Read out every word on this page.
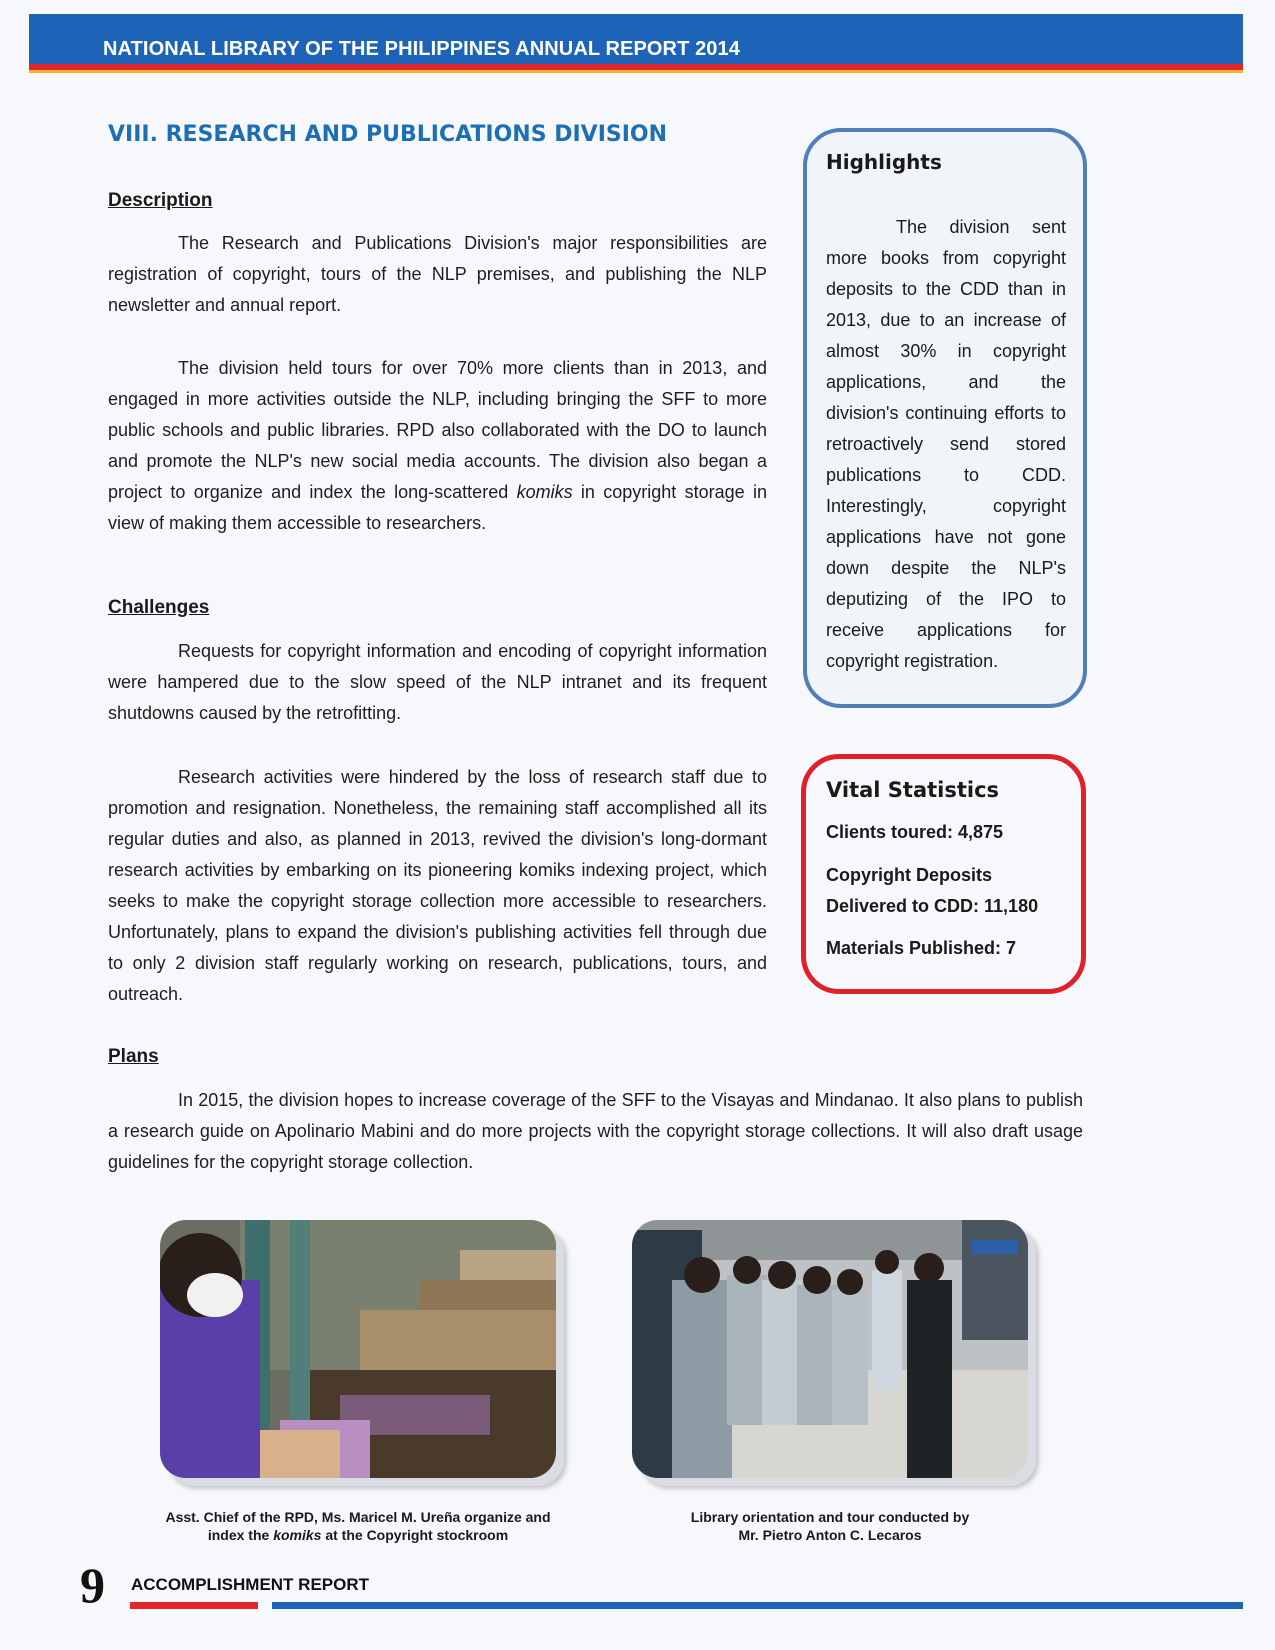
NATIONAL LIBRARY OF THE PHILIPPINES ANNUAL REPORT 2014
VIII. RESEARCH AND PUBLICATIONS DIVISION
Description

The Research and Publications Division's major responsibilities are registration of copyright, tours of the NLP premises, and publishing the NLP newsletter and annual report.

The division held tours for over 70% more clients than in 2013, and engaged in more activities outside the NLP, including bringing the SFF to more public schools and public libraries. RPD also collaborated with the DO to launch and promote the NLP's new social media accounts. The division also began a project to organize and index the long-scattered komiks in copyright storage in view of making them accessible to researchers.

Challenges

Requests for copyright information and encoding of copyright information were hampered due to the slow speed of the NLP intranet and its frequent shutdowns caused by the retrofitting.

Research activities were hindered by the loss of research staff due to promotion and resignation. Nonetheless, the remaining staff accomplished all its regular duties and also, as planned in 2013, revived the division's long-dormant research activities by embarking on its pioneering komiks indexing project, which seeks to make the copyright storage collection more accessible to researchers. Unfortunately, plans to expand the division's publishing activities fell through due to only 2 division staff regularly working on research, publications, tours, and outreach.

Plans

In 2015, the division hopes to increase coverage of the SFF to the Visayas and Mindanao. It also plans to publish a research guide on Apolinario Mabini and do more projects with the copyright storage collections. It will also draft usage guidelines for the copyright storage collection.

Highlights

The division sent more books from copyright deposits to the CDD than in 2013, due to an increase of almost 30% in copyright applications, and the division's continuing efforts to retroactively send stored publications to CDD. Interestingly, copyright applications have not gone down despite the NLP's deputizing of the IPO to receive applications for copyright registration.

Vital Statistics
Clients toured: 4,875
Copyright Deposits
Delivered to CDD: 11,180
Materials Published: 7
Asst. Chief of the RPD, Ms. Maricel M. Ureña organize and index the komiks at the Copyright stockroom
Library orientation and tour conducted by
Mr. Pietro Anton C. Lecaros
9 ACCOMPLISHMENT REPORT
